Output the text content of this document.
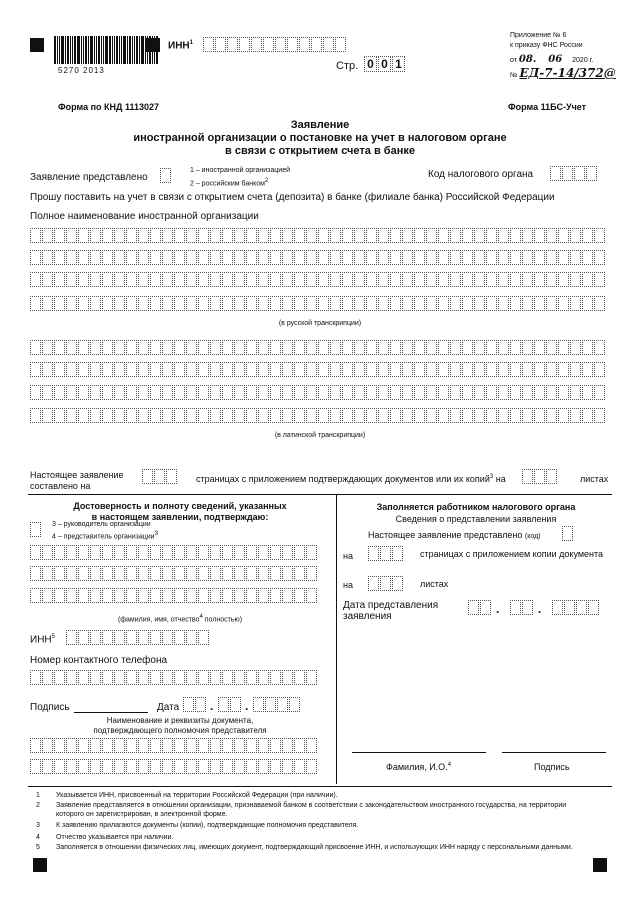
5270 2013
ИНН$^1$
Стр. 0 0 1
Приложение № 6
к приказу ФНС России
от 08. 06 2020 г.
№ ЕД-7-14/372@
Форма по КНД 1113027	Форма 11БС-Учет
Заявление
иностранной организации о постановке на учет в налоговом органе
в связи с открытием счета в банке
Заявление представлено
1 – иностранной организацией
2 – российским банком2
Код налогового органа
Прошу поставить на учет в связи с открытием счета (депозита) в банке (филиале банка) Российской Федерации
Полное наименование иностранной организации
(в русской транскрипции)
(в латинской транскрипции)
Настоящее заявление
составлено на
страницах с приложением подтверждающих документов или их копий$^3$ на	листах
Достоверность и полноту сведений, указанных
в настоящем заявлении, подтверждаю:
3 – руководитель организации
4 – представитель организации3
(фамилия, имя, отчество4 полностью)
ИНН$^5$
Номер контактного телефона
Подпись	Дата	.	.
Наименование и реквизиты документа,
подтверждающего полномочия представителя
Заполняется работником налогового органа
Сведения о представлении заявления
Настоящее заявление представлено (код)
на	страницах с приложением копии документа
на	листах
Дата представления
заявления
.	.
Фамилия, И.О.$^4$	Подпись
1 Указывается ИНН, присвоенный на территории Российской Федерации (при наличии).
2 Заявление представляется в отношении организации, признаваемой банком в соответствии с законодательством иностранного государства, на территории
которого он зарегистрирован, в электронной форме.
3 К заявлению прилагаются документы (копии), подтверждающие полномочия представителя.
4 Отчество указывается при наличии.
5 Заполняется в отношении физических лиц, имеющих документ, подтверждающий присвоение ИНН, и использующих ИНН наряду с персональными данными.
